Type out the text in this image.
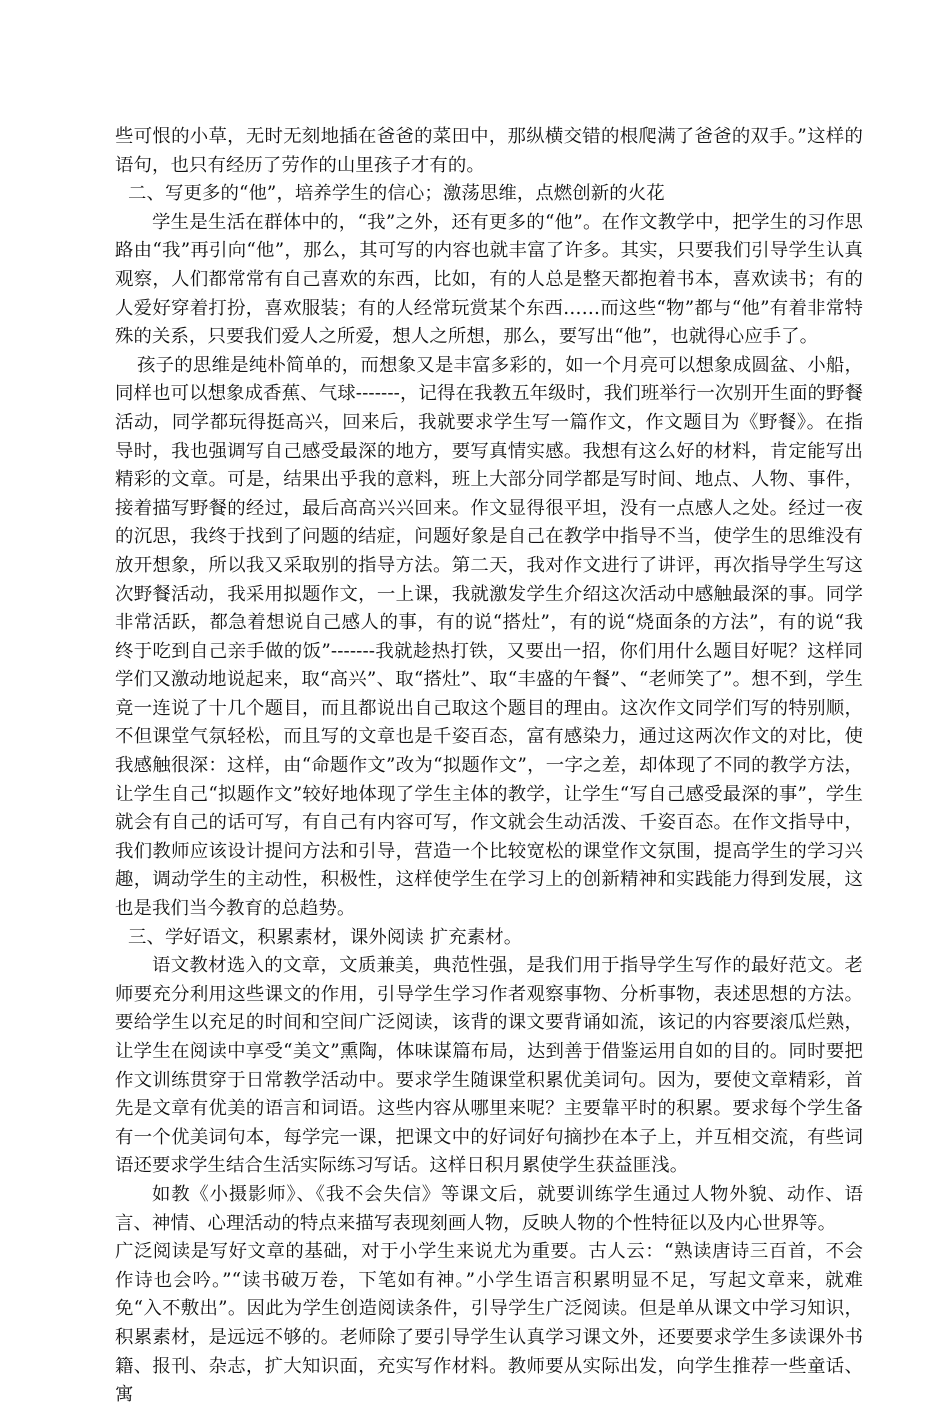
些可恨的小草，无时无刻地插在爸爸的菜田中，那纵横交错的根爬满了爸爸的双手。”这样的语句，也只有经历了劳作的山里孩子才有的。

二、写更多的“他”，培养学生的信心；激荡思维，点燃创新的火花

学生是生活在群体中的，“我”之外，还有更多的“他”。在作文教学中，把学生的习作思路由“我”再引向“他”，那么，其可写的内容也就丰富了许多。其实，只要我们引导学生认真观察，人们都常常有自己喜欢的东西，比如，有的人总是整天都抱着书本，喜欢读书；有的人爱好穿着打扮，喜欢服装；有的人经常玩赏某个东西……而这些“物”都与“他”有着非常特殊的关系，只要我们爱人之所爱，想人之所想，那么，要写出“他”，也就得心应手了。

孩子的思维是纯朴简单的，而想象又是丰富多彩的，如一个月亮可以想象成圆盆、小船，同样也可以想象成香蕉、气球-------，记得在我教五年级时，我们班举行一次别开生面的野餐活动，同学都玩得挺高兴，回来后，我就要求学生写一篇作文，作文题目为《野餐》。在指导时，我也强调写自己感受最深的地方，要写真情实感。我想有这么好的材料，肯定能写出精彩的文章。可是，结果出乎我的意料，班上大部分同学都是写时间、地点、人物、事件，接着描写野餐的经过，最后高高兴兴回来。作文显得很平坦，没有一点感人之处。经过一夜的沉思，我终于找到了问题的结症，问题好象是自己在教学中指导不当，使学生的思维没有放开想象，所以我又采取别的指导方法。第二天，我对作文进行了讲评，再次指导学生写这次野餐活动，我采用拟题作文，一上课，我就激发学生介绍这次活动中感触最深的事。同学非常活跃，都急着想说自己感人的事，有的说“搭灶”，有的说“烧面条的方法”，有的说“我终于吃到自己亲手做的饭”-------我就趁热打铁，又要出一招，你们用什么题目好呢？这样同学们又激动地说起来，取“高兴”、取“搭灶”、取“丰盛的午餐”、“老师笑了”。想不到，学生竟一连说了十几个题目，而且都说出自己取这个题目的理由。这次作文同学们写的特别顺，不但课堂气氛轻松，而且写的文章也是千姿百态，富有感染力，通过这两次作文的对比，使我感触很深：这样，由“命题作文”改为“拟题作文”，一字之差，却体现了不同的教学方法，让学生自己“拟题作文”较好地体现了学生主体的教学，让学生“写自己感受最深的事”，学生就会有自己的话可写，有自己有内容可写，作文就会生动活泼、千姿百态。在作文指导中，我们教师应该设计提问方法和引导，营造一个比较宽松的课堂作文氛围，提高学生的学习兴趣，调动学生的主动性，积极性，这样使学生在学习上的创新精神和实践能力得到发展，这也是我们当今教育的总趋势。

三、学好语文，积累素材，课外阅读 扩充素材。

语文教材选入的文章，文质兼美，典范性强，是我们用于指导学生写作的最好范文。老师要充分利用这些课文的作用，引导学生学习作者观察事物、分析事物，表述思想的方法。要给学生以充足的时间和空间广泛阅读，该背的课文要背诵如流，该记的内容要滚瓜烂熟，让学生在阅读中享受“美文”熏陶，体味谋篇布局，达到善于借鉴运用自如的目的。同时要把作文训练贯穿于日常教学活动中。要求学生随课堂积累优美词句。因为，要使文章精彩，首先是文章有优美的语言和词语。这些内容从哪里来呢？主要靠平时的积累。要求每个学生备有一个优美词句本，每学完一课，把课文中的好词好句摘抄在本子上，并互相交流，有些词语还要求学生结合生活实际练习写话。这样日积月累使学生获益匪浅。

如教《小摄影师》、《我不会失信》等课文后，就要训练学生通过人物外貌、动作、语言、神情、心理活动的特点来描写表现刻画人物，反映人物的个性特征以及内心世界等。

广泛阅读是写好文章的基础，对于小学生来说尤为重要。古人云：“熟读唐诗三百首，不会作诗也会吟。”“读书破万卷，下笔如有神。”小学生语言积累明显不足，写起文章来，就难免“入不敷出”。因此为学生创造阅读条件，引导学生广泛阅读。但是单从课文中学习知识，积累素材，是远远不够的。老师除了要引导学生认真学习课文外，还要要求学生多读课外书籍、报刊、杂志，扩大知识面，充实写作材料。教师要从实际出发，向学生推荐一些童话、寓
